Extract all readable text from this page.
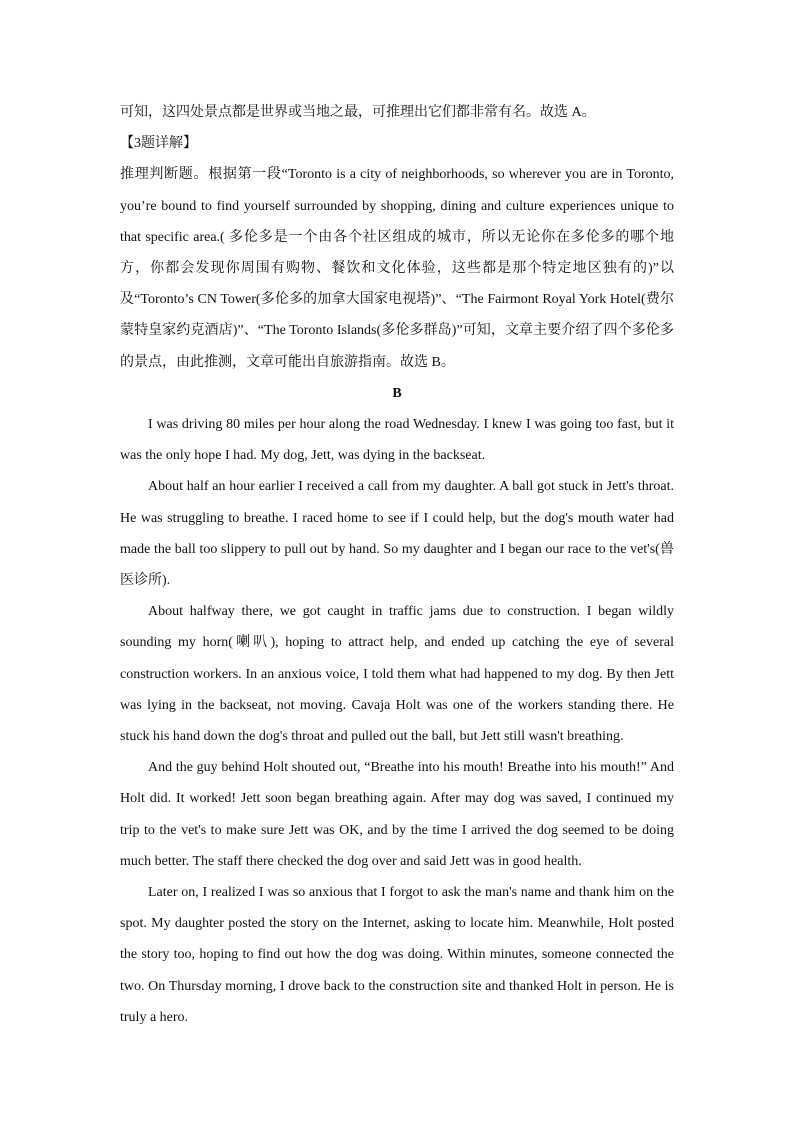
可知，这四处景点都是世界或当地之最，可推理出它们都非常有名。故选 A。

【3题详解】

推理判断题。根据第一段“Toronto is a city of neighborhoods, so wherever you are in Toronto, you’re bound to find yourself surrounded by shopping, dining and culture experiences unique to that specific area.( 多伦多是一个由各个社区组成的城市，所以无论你在多伦多的哪个地方，你都会发现你周围有购物、餐饮和文化体验，这些都是那个特定地区独有的)”以及“Toronto’s CN Tower(多伦多的加拿大国家电视塔)”、“The Fairmont Royal York Hotel(费尔蒙特皇家约克酒店)”、“The Toronto Islands(多伦多群岛)”可知，文章主要介绍了四个多伦多的景点，由此推测，文章可能出自旅游指南。故选 B。

B

I was driving 80 miles per hour along the road Wednesday. I knew I was going too fast, but it was the only hope I had. My dog, Jett, was dying in the backseat.

About half an hour earlier I received a call from my daughter. A ball got stuck in Jett's throat. He was struggling to breathe. I raced home to see if I could help, but the dog's mouth water had made the ball too slippery to pull out by hand. So my daughter and I began our race to the vet's(兽医诊所).

About halfway there, we got caught in traffic jams due to construction. I began wildly sounding my horn(喇叭), hoping to attract help, and ended up catching the eye of several construction workers. In an anxious voice, I told them what had happened to my dog. By then Jett was lying in the backseat, not moving. Cavaja Holt was one of the workers standing there. He stuck his hand down the dog's throat and pulled out the ball, but Jett still wasn't breathing.

And the guy behind Holt shouted out, “Breathe into his mouth! Breathe into his mouth!” And Holt did. It worked! Jett soon began breathing again. After may dog was saved, I continued my trip to the vet's to make sure Jett was OK, and by the time I arrived the dog seemed to be doing much better. The staff there checked the dog over and said Jett was in good health.

Later on, I realized I was so anxious that I forgot to ask the man's name and thank him on the spot. My daughter posted the story on the Internet, asking to locate him. Meanwhile, Holt posted the story too, hoping to find out how the dog was doing. Within minutes, someone connected the two. On Thursday morning, I drove back to the construction site and thanked Holt in person. He is truly a hero.
